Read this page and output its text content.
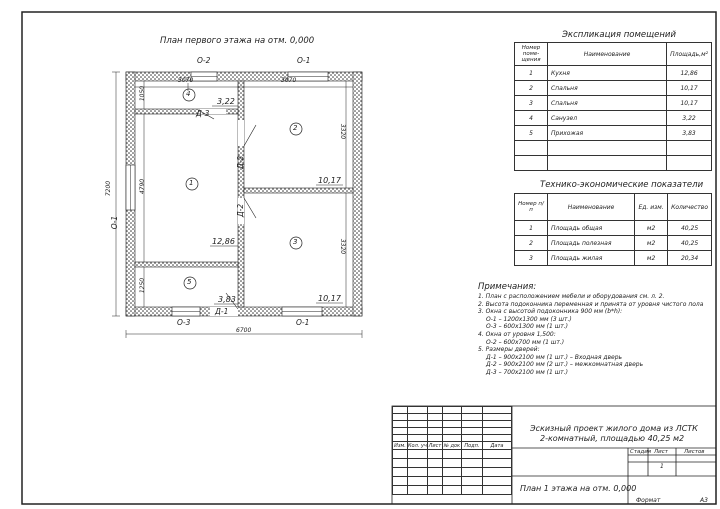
План первого этажа на отм. 0,000
О-2	О-1
О-1
О-3	О-1
3070	3070
7200
6700
1050
4790
1250
3320
3320
Д-3
Д-2
Д-2
Д-1
4
3,22
2
10,17
1
12,86	3
10,17
5
3,83
Экспликация помещений
Номер поме-щения	Наименование	Площадь,м²
1	Кухня	12,86
2	Спальня	10,17
3	Спальня	10,17
4	Санузел	3,22
5	Прихожая	3,83

Технико-экономические показатели
Номер п/п	Наименование	Ед. изм.	Количество
1	Площадь общая	м2	40,25
2	Площадь полезная	м2	40,25
3	Площадь жилая	м2	20,34
Примечания:
1. План с расположением мебели и оборудования см. л. 2.
2. Высота подоконника переменная и принята от уровня чистого пола
3. Окна с высотой подоконника 900 мм (b*h):
О-1 – 1200х1300 мм (3 шт.)
О-3 – 600х1300 мм (1 шт.)
4. Окна от уровня 1,500:
О-2 – 600х700 мм (1 шт.)
5. Размеры дверей:
Д-1 – 900х2100 мм (1 шт.) – Входная дверь
Д-2 – 900х2100 мм (2 шт.) – межкомнатная дверь
Д-3 – 700х2100 мм (1 шт.)

Изм.	Кол. уч	Лист	№ док	Подп.	Дата

Эскизный проект жилого дома из ЛСТК
2-комнатный, площадью 40,25 м2
План 1 этажа на отм. 0,000
Стадия Лист	Листов
1
Формат	А3
